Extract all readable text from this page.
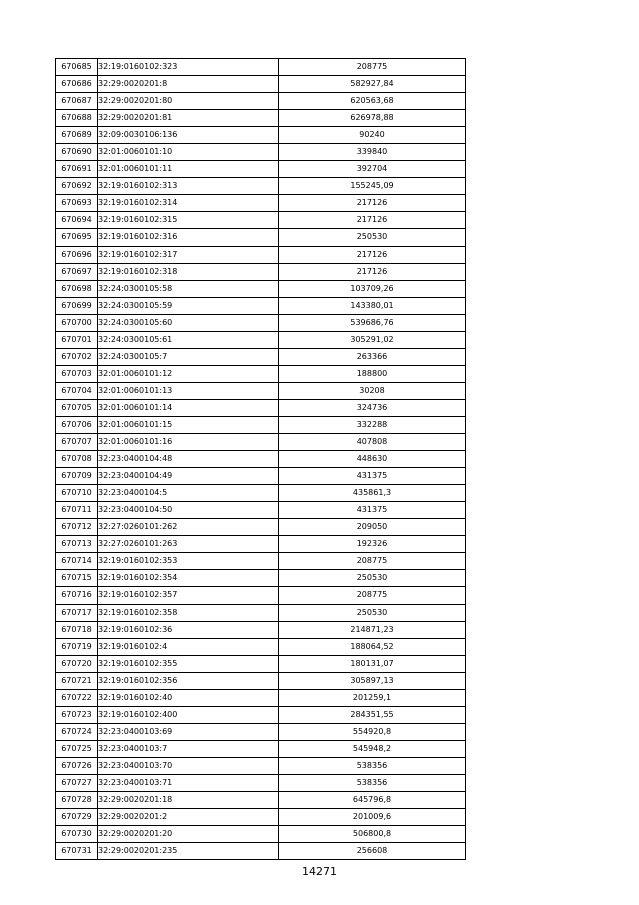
670685	32:19:0160102:323	208775
670686	32:29:0020201:8	582927,84
670687	32:29:0020201:80	620563,68
670688	32:29:0020201:81	626978,88
670689	32:09:0030106:136	90240
670690	32:01:0060101:10	339840
670691	32:01:0060101:11	392704
670692	32:19:0160102:313	155245,09
670693	32:19:0160102:314	217126
670694	32:19:0160102:315	217126
670695	32:19:0160102:316	250530
670696	32:19:0160102:317	217126
670697	32:19:0160102:318	217126
670698	32:24:0300105:58	103709,26
670699	32:24:0300105:59	143380,01
670700	32:24:0300105:60	539686,76
670701	32:24:0300105:61	305291,02
670702	32:24:0300105:7	263366
670703	32:01:0060101:12	188800
670704	32:01:0060101:13	30208
670705	32:01:0060101:14	324736
670706	32:01:0060101:15	332288
670707	32:01:0060101:16	407808
670708	32:23:0400104:48	448630
670709	32:23:0400104:49	431375
670710	32:23:0400104:5	435861,3
670711	32:23:0400104:50	431375
670712	32:27:0260101:262	209050
670713	32:27:0260101:263	192326
670714	32:19:0160102:353	208775
670715	32:19:0160102:354	250530
670716	32:19:0160102:357	208775
670717	32:19:0160102:358	250530
670718	32:19:0160102:36	214871,23
670719	32:19:0160102:4	188064,52
670720	32:19:0160102:355	180131,07
670721	32:19:0160102:356	305897,13
670722	32:19:0160102:40	201259,1
670723	32:19:0160102:400	284351,55
670724	32:23:0400103:69	554920,8
670725	32:23:0400103:7	545948,2
670726	32:23:0400103:70	538356
670727	32:23:0400103:71	538356
670728	32:29:0020201:18	645796,8
670729	32:29:0020201:2	201009,6
670730	32:29:0020201:20	506800,8
670731	32:29:0020201:235	256608
14271
